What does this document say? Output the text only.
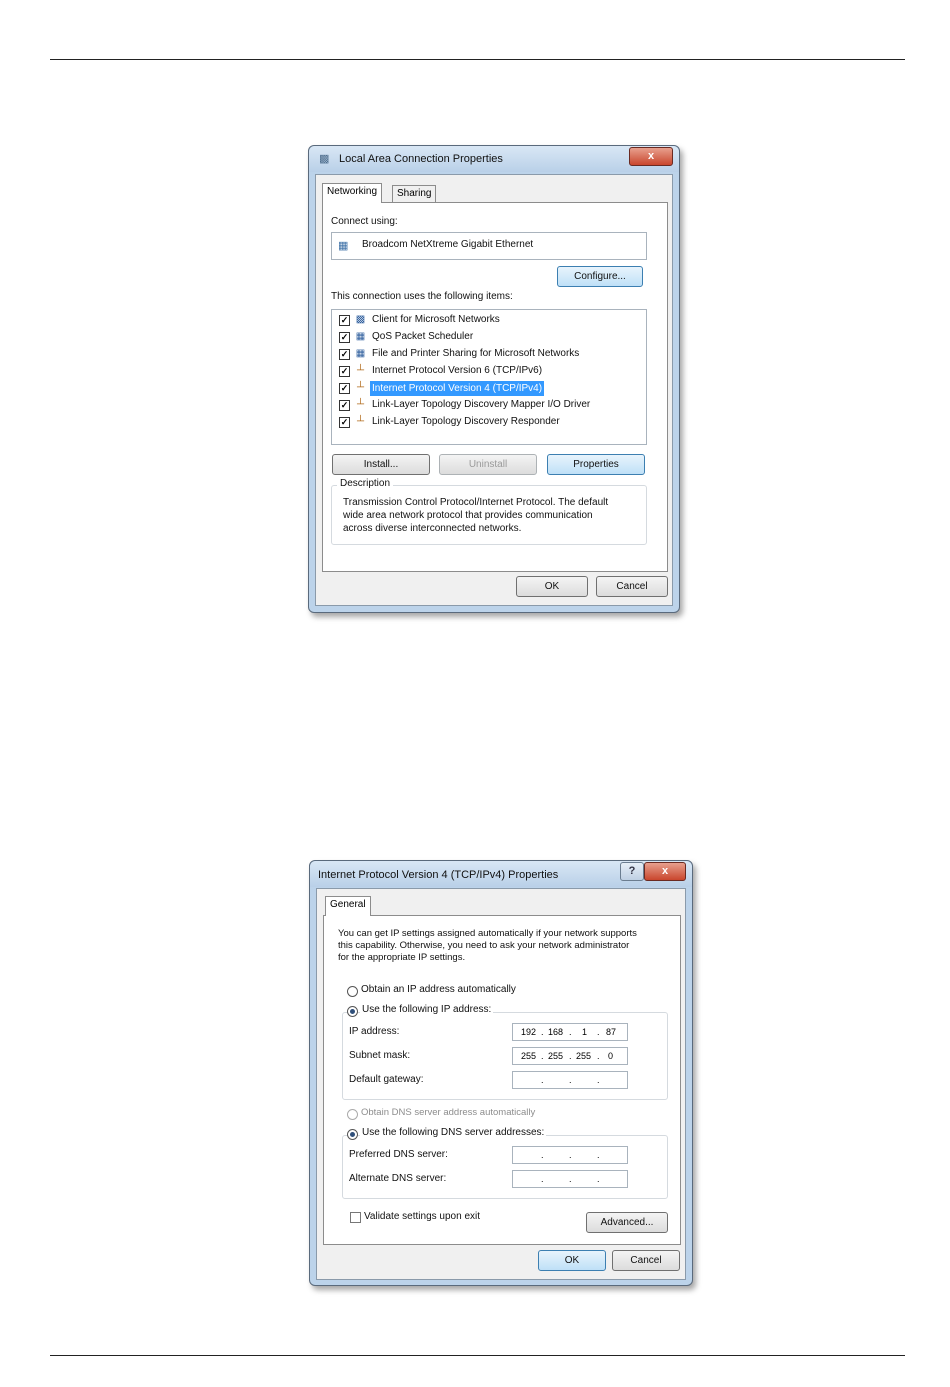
▩ Local Area Connection Properties	x
Networking	Sharing
Connect using:
▦ Broadcom NetXtreme Gigabit Ethernet
Configure...
This connection uses the following items:
✓ ▩ Client for Microsoft Networks
✓ ▦ QoS Packet Scheduler
✓ ▦ File and Printer Sharing for Microsoft Networks
✓ ┴ Internet Protocol Version 6 (TCP/IPv6)
✓ ┴ Internet Protocol Version 4 (TCP/IPv4)
✓ ┴ Link-Layer Topology Discovery Mapper I/O Driver
✓ ┴ Link-Layer Topology Discovery Responder
Install...	Uninstall	Properties
Description
Transmission Control Protocol/Internet Protocol. The default
wide area network protocol that provides communication
across diverse interconnected networks.
OK	Cancel
Internet Protocol Version 4 (TCP/IPv4) Properties	?	x
General
You can get IP settings assigned automatically if your network supports
this capability. Otherwise, you need to ask your network administrator
for the appropriate IP settings.
Obtain an IP address automatically
Use the following IP address:
IP address:	192 . 168 . 1 . 87
Subnet mask:	255 . 255 . 255 . 0
Default gateway:	.	.	.
Obtain DNS server address automatically
Use the following DNS server addresses:
Preferred DNS server:	.	.	.
Alternate DNS server:	.	.	.
Validate settings upon exit
Advanced...
OK	Cancel
